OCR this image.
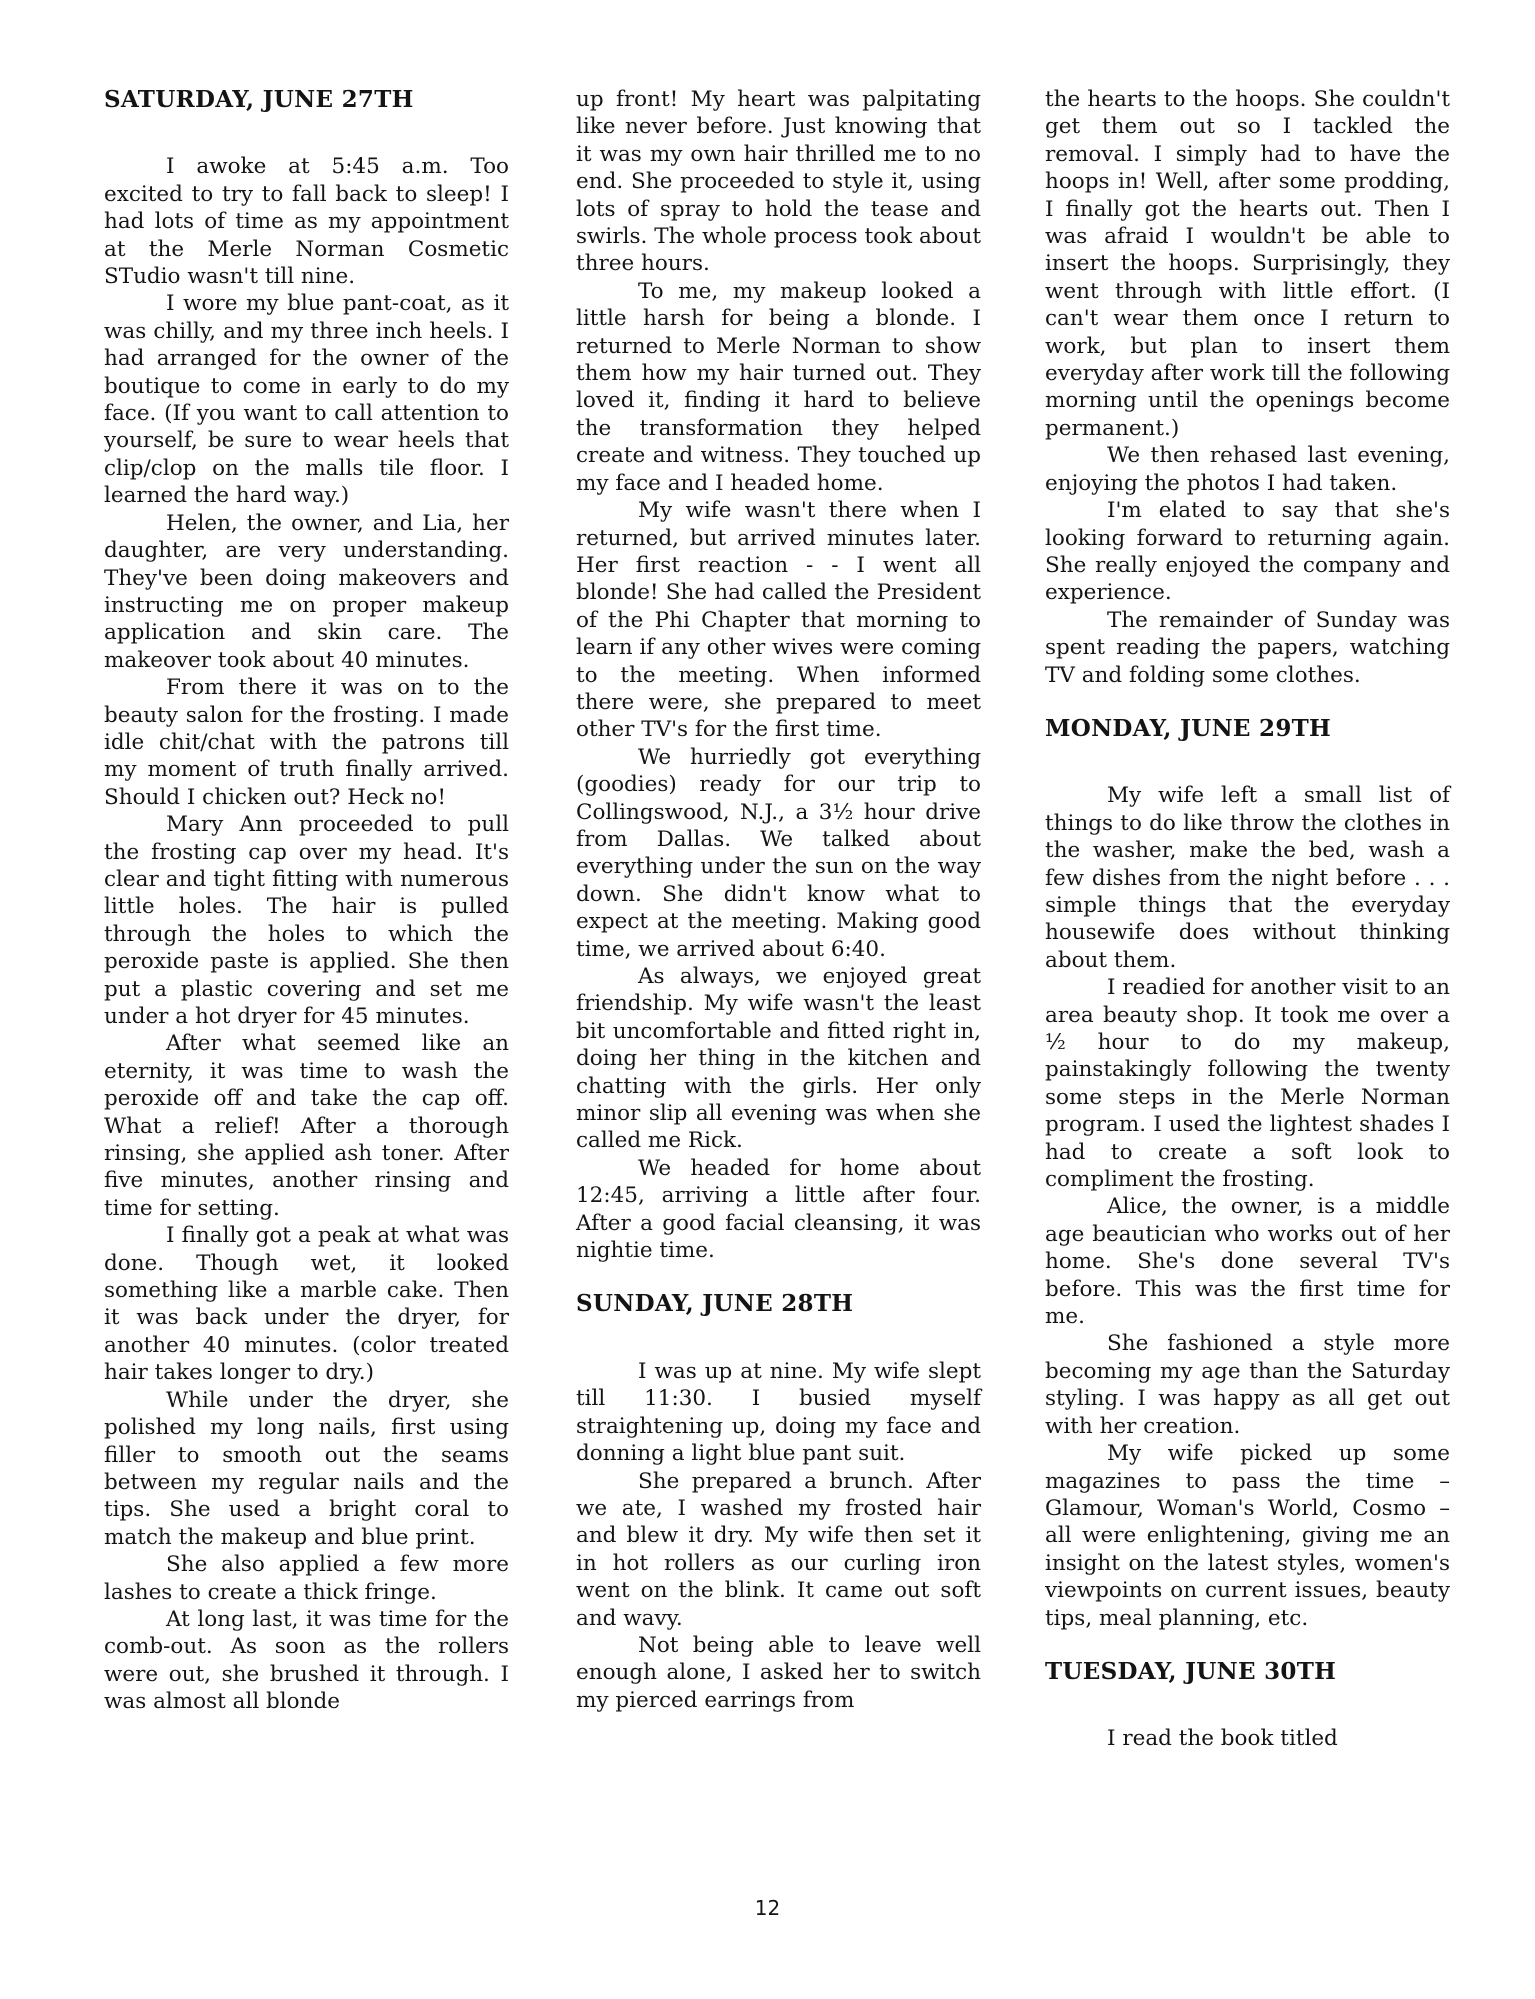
SATURDAY, JUNE 27TH

I awoke at 5:45 a.m. Too excited to try to fall back to sleep! I had lots of time as my appointment at the Merle Norman Cosmetic STudio wasn't till nine.

I wore my blue pant-coat, as it was chilly, and my three inch heels. I had arranged for the owner of the boutique to come in early to do my face. (If you want to call attention to yourself, be sure to wear heels that clip/clop on the malls tile floor. I learned the hard way.)

Helen, the owner, and Lia, her daughter, are very understanding. They've been doing makeovers and instructing me on proper makeup application and skin care. The makeover took about 40 minutes.

From there it was on to the beauty salon for the frosting. I made idle chit/chat with the patrons till my moment of truth finally arrived. Should I chicken out? Heck no!

Mary Ann proceeded to pull the frosting cap over my head. It's clear and tight fitting with numerous little holes. The hair is pulled through the holes to which the peroxide paste is applied. She then put a plastic covering and set me under a hot dryer for 45 minutes.

After what seemed like an eternity, it was time to wash the peroxide off and take the cap off. What a relief! After a thorough rinsing, she applied ash toner. After five minutes, another rinsing and time for setting.

I finally got a peak at what was done. Though wet, it looked something like a marble cake. Then it was back under the dryer, for another 40 minutes. (color treated hair takes longer to dry.)

While under the dryer, she polished my long nails, first using filler to smooth out the seams between my regular nails and the tips. She used a bright coral to match the makeup and blue print.

She also applied a few more lashes to create a thick fringe.

At long last, it was time for the comb-out. As soon as the rollers were out, she brushed it through. I was almost all blonde

up front! My heart was palpitating like never before. Just knowing that it was my own hair thrilled me to no end. She proceeded to style it, using lots of spray to hold the tease and swirls. The whole process took about three hours.

To me, my makeup looked a little harsh for being a blonde. I returned to Merle Norman to show them how my hair turned out. They loved it, finding it hard to believe the transformation they helped create and witness. They touched up my face and I headed home.

My wife wasn't there when I returned, but arrived minutes later. Her first reaction - - I went all blonde! She had called the President of the Phi Chapter that morning to learn if any other wives were coming to the meeting. When informed there were, she prepared to meet other TV's for the first time.

We hurriedly got everything (goodies) ready for our trip to Collingswood, N.J., a 3½ hour drive from Dallas. We talked about everything under the sun on the way down. She didn't know what to expect at the meeting. Making good time, we arrived about 6:40.

As always, we enjoyed great friendship. My wife wasn't the least bit uncomfortable and fitted right in, doing her thing in the kitchen and chatting with the girls. Her only minor slip all evening was when she called me Rick.

We headed for home about 12:45, arriving a little after four. After a good facial cleansing, it was nightie time.

SUNDAY, JUNE 28TH

I was up at nine. My wife slept till 11:30. I busied myself straightening up, doing my face and donning a light blue pant suit.

She prepared a brunch. After we ate, I washed my frosted hair and blew it dry. My wife then set it in hot rollers as our curling iron went on the blink. It came out soft and wavy.

Not being able to leave well enough alone, I asked her to switch my pierced earrings from

the hearts to the hoops. She couldn't get them out so I tackled the removal. I simply had to have the hoops in! Well, after some prodding, I finally got the hearts out. Then I was afraid I wouldn't be able to insert the hoops. Surprisingly, they went through with little effort. (I can't wear them once I return to work, but plan to insert them everyday after work till the following morning until the openings become permanent.)

We then rehased last evening, enjoying the photos I had taken.

I'm elated to say that she's looking forward to returning again. She really enjoyed the company and experience.

The remainder of Sunday was spent reading the papers, watching TV and folding some clothes.

MONDAY, JUNE 29TH

My wife left a small list of things to do like throw the clothes in the washer, make the bed, wash a few dishes from the night before . . . simple things that the everyday housewife does without thinking about them.

I readied for another visit to an area beauty shop. It took me over a ½ hour to do my makeup, painstakingly following the twenty some steps in the Merle Norman program. I used the lightest shades I had to create a soft look to compliment the frosting.

Alice, the owner, is a middle age beautician who works out of her home. She's done several TV's before. This was the first time for me.

She fashioned a style more becoming my age than the Saturday styling. I was happy as all get out with her creation.

My wife picked up some magazines to pass the time – Glamour, Woman's World, Cosmo – all were enlightening, giving me an insight on the latest styles, women's viewpoints on current issues, beauty tips, meal planning, etc.

TUESDAY, JUNE 30TH

I read the book titled

12
